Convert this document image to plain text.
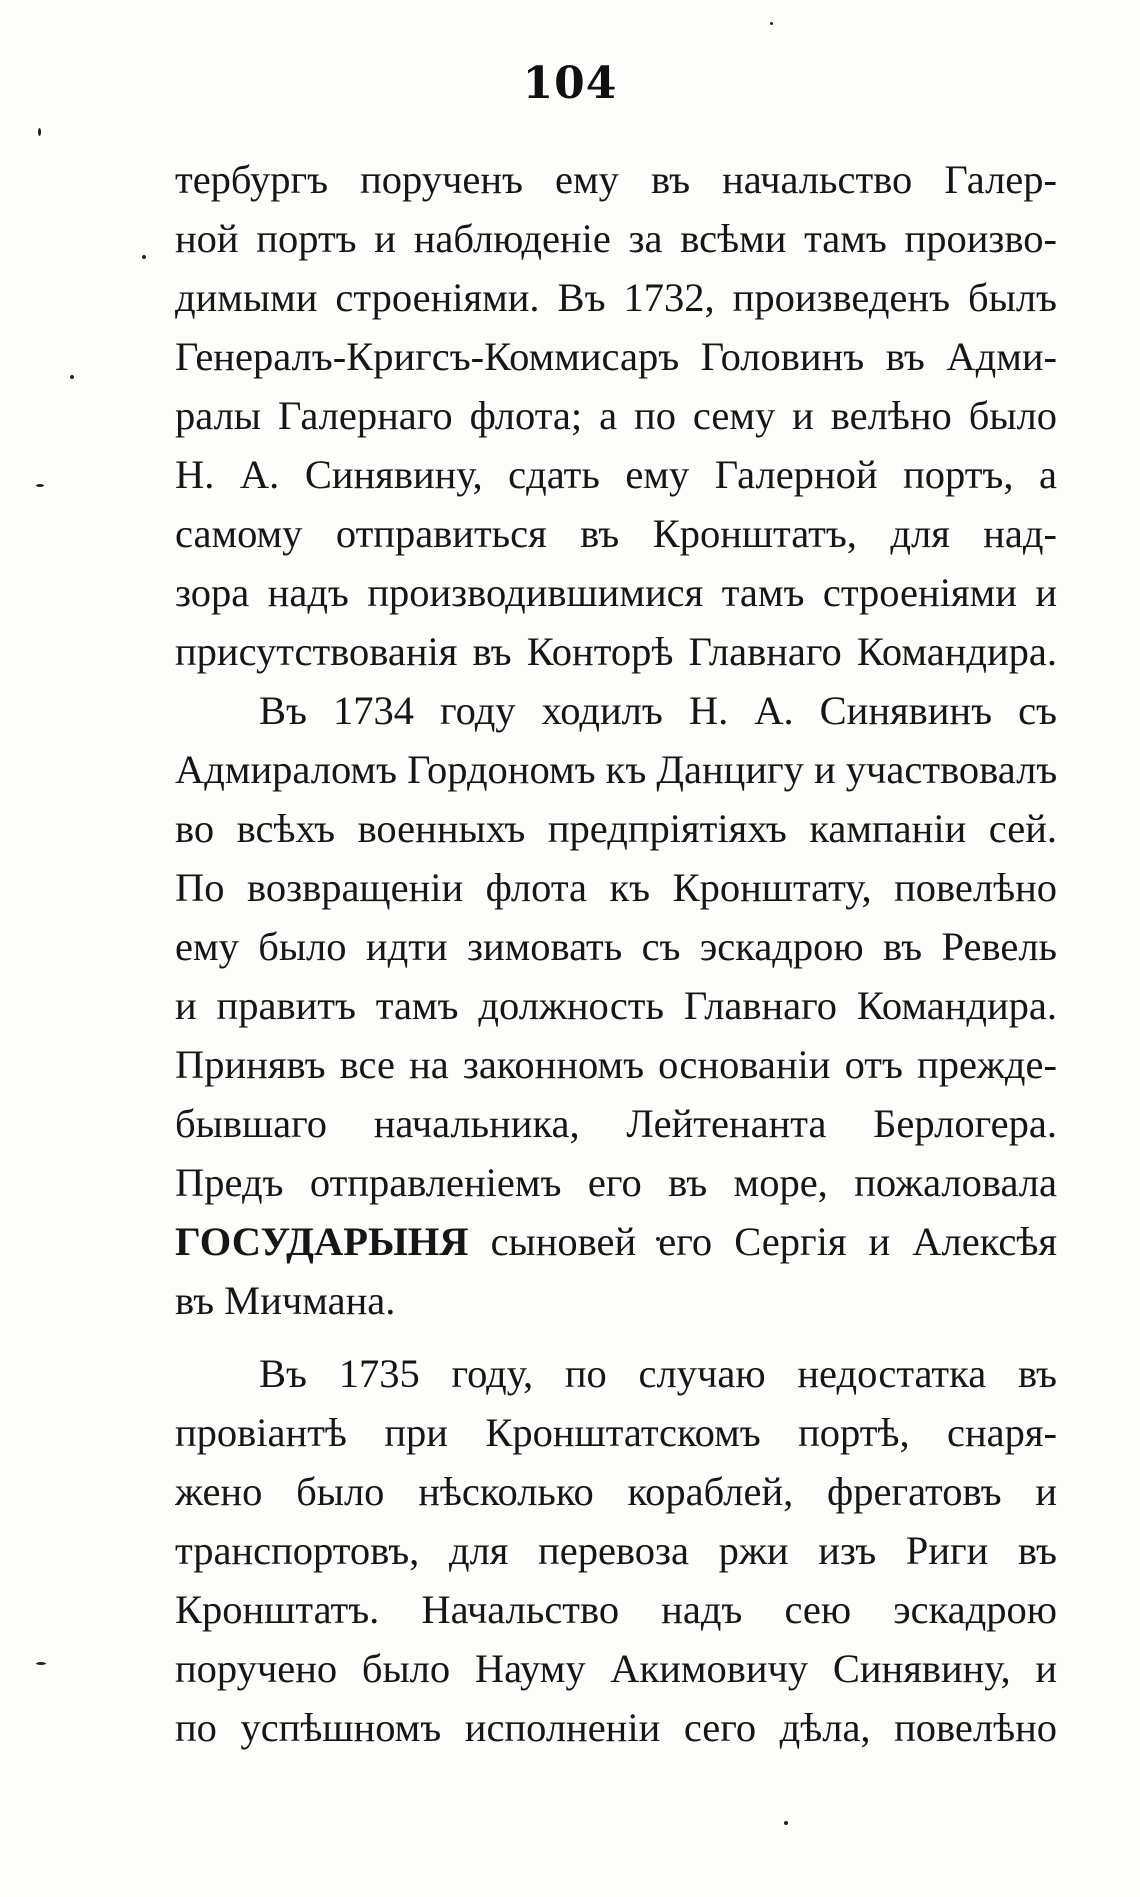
104
тербургъ порученъ ему въ начальство Галер-
ной портъ и наблюденіе за всѣми тамъ произво-
димыми строеніями. Въ 1732, произведенъ былъ
Генералъ-Кригсъ-Коммисаръ Головинъ въ Адми-
ралы Галернаго флота; а по сему и велѣно было
Н. А. Синявину, сдать ему Галерной портъ, а
самому отправиться въ Кронштатъ, для над-
зора надъ производившимися тамъ строеніями и
присутствованія въ Конторѣ Главнаго Командира.
Въ 1734 году ходилъ Н. А. Синявинъ съ
Адмираломъ Гордономъ къ Данцигу и участвовалъ
во всѣхъ военныхъ предпріятіяхъ кампаніи сей.
По возвращеніи флота къ Кронштату, повелѣно
ему было идти зимовать съ эскадрою въ Ревель
и правитъ тамъ должность Главнаго Командира.
Принявъ все на законномъ основаніи отъ прежде-
бывшаго начальника, Лейтенанта Берлогера.
Предъ отправленіемъ его въ море, пожаловала
ГОСУДАРЫНЯ сыновей его Сергія и Алексѣя
въ Мичмана.
Въ 1735 году, по случаю недостатка въ
провіантѣ при Кронштатскомъ портѣ, снаря-
жено было нѣсколько кораблей, фрегатовъ и
транспортовъ, для перевоза ржи изъ Риги въ
Кронштатъ. Начальство надъ сею эскадрою
поручено было Науму Акимовичу Синявину, и
по успѣшномъ исполненіи сего дѣла, повелѣно
